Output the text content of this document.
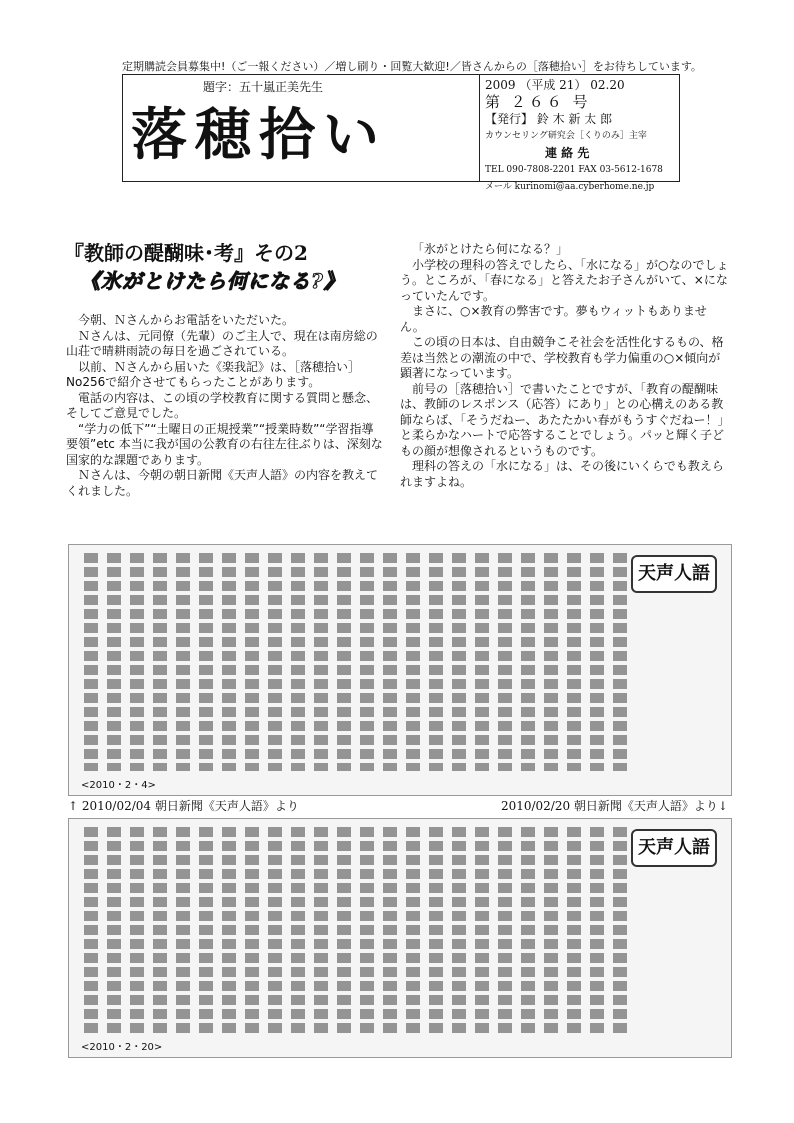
定期購読会員募集中!（ご一報ください）／増し刷り・回覧大歓迎!／皆さんからの［落穂拾い］をお待ちしています。
題字：五十嵐正美先生
落穂拾い
2009 （平成 21） 02.20
第 ２６６ 号
【発行】 鈴 木 新 太 郎
カウンセリング研究会［くりのみ］主宰
連 絡 先
TEL 090-7808-2201 FAX 03-5612-1678
メール kurinomi@aa.cyberhome.ne.jp
『教師の醍醐味･考』その2
《氷がとけたら何になる?》

今朝、Ｎさんからお電話をいただいた。

Ｎさんは、元同僚（先輩）のご主人で、現在は南房総の山荘で晴耕雨読の毎日を過ごされている。

以前、Ｎさんから届いた《楽我記》は、［落穂拾い］No256で紹介させてもらったことがあります。

電話の内容は、この頃の学校教育に関する質問と懸念、そしてご意見でした。

“学力の低下”“土曜日の正規授業”“授業時数”“学習指導要領”etc 本当に我が国の公教育の右往左往ぶりは、深刻な国家的な課題であります。

Ｎさんは、今朝の朝日新聞《天声人語》の内容を教えてくれました。

「氷がとけたら何になる？」

小学校の理科の答えでしたら、「水になる」が○なのでしょう。ところが、「春になる」と答えたお子さんがいて、×になっていたんです。

まさに、○×教育の弊害です。夢もウィットもありません。

この頃の日本は、自由競争こそ社会を活性化するもの、格差は当然との潮流の中で、学校教育も学力偏重の○×傾向が顕著になっています。

前号の［落穂拾い］で書いたことですが、「教育の醍醐味は、教師のレスポンス（応答）にあり」との心構えのある教師ならば、「そうだねー、あたたかい春がもうすぐだねー！」と柔らかなハートで応答することでしょう。パッと輝く子どもの顔が想像されるというものです。

理科の答えの「水になる」は、その後にいくらでも教えられますよね。

天声人語
<2010・2・4>
↑ 2010/02/04 朝日新聞《天声人語》より	2010/02/20 朝日新聞《天声人語》より↓
天声人語
<2010・2・20>
